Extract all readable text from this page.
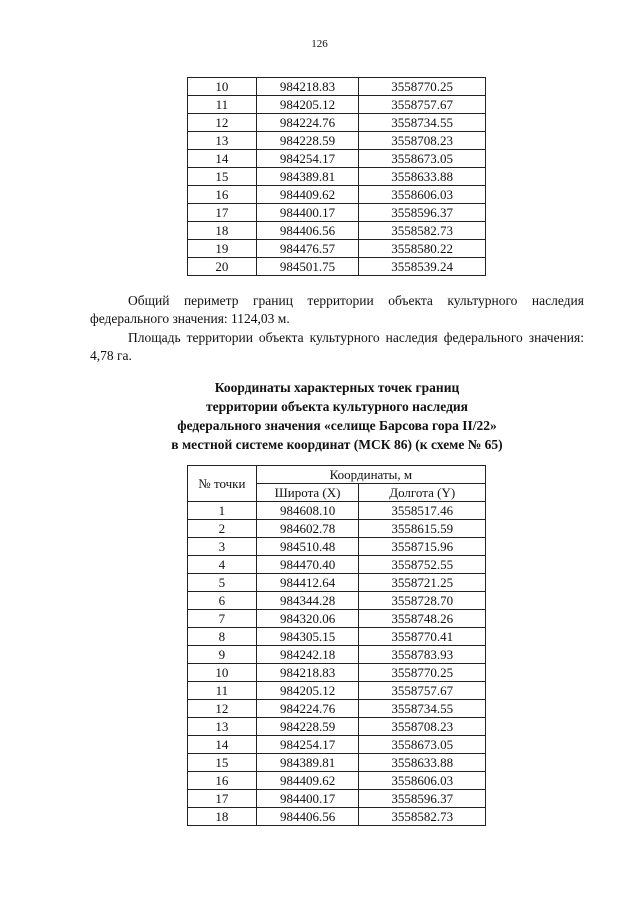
126
10	984218.83	3558770.25
11	984205.12	3558757.67
12	984224.76	3558734.55
13	984228.59	3558708.23
14	984254.17	3558673.05
15	984389.81	3558633.88
16	984409.62	3558606.03
17	984400.17	3558596.37
18	984406.56	3558582.73
19	984476.57	3558580.22
20	984501.75	3558539.24
Общий периметр границ территории объекта культурного наследия федерального значения: 1124,03 м.
Площадь территории объекта культурного наследия федерального значения: 4,78 га.
Координаты характерных точек границ
территории объекта культурного наследия
федерального значения «селище Барсова гора II/22»
в местной системе координат (МСК 86) (к схеме № 65)
№ точки	Координаты, м	
	Широта (X)	Долгота (Y)
1	984608.10	3558517.46
2	984602.78	3558615.59
3	984510.48	3558715.96
4	984470.40	3558752.55
5	984412.64	3558721.25
6	984344.28	3558728.70
7	984320.06	3558748.26
8	984305.15	3558770.41
9	984242.18	3558783.93
10	984218.83	3558770.25
11	984205.12	3558757.67
12	984224.76	3558734.55
13	984228.59	3558708.23
14	984254.17	3558673.05
15	984389.81	3558633.88
16	984409.62	3558606.03
17	984400.17	3558596.37
18	984406.56	3558582.73
